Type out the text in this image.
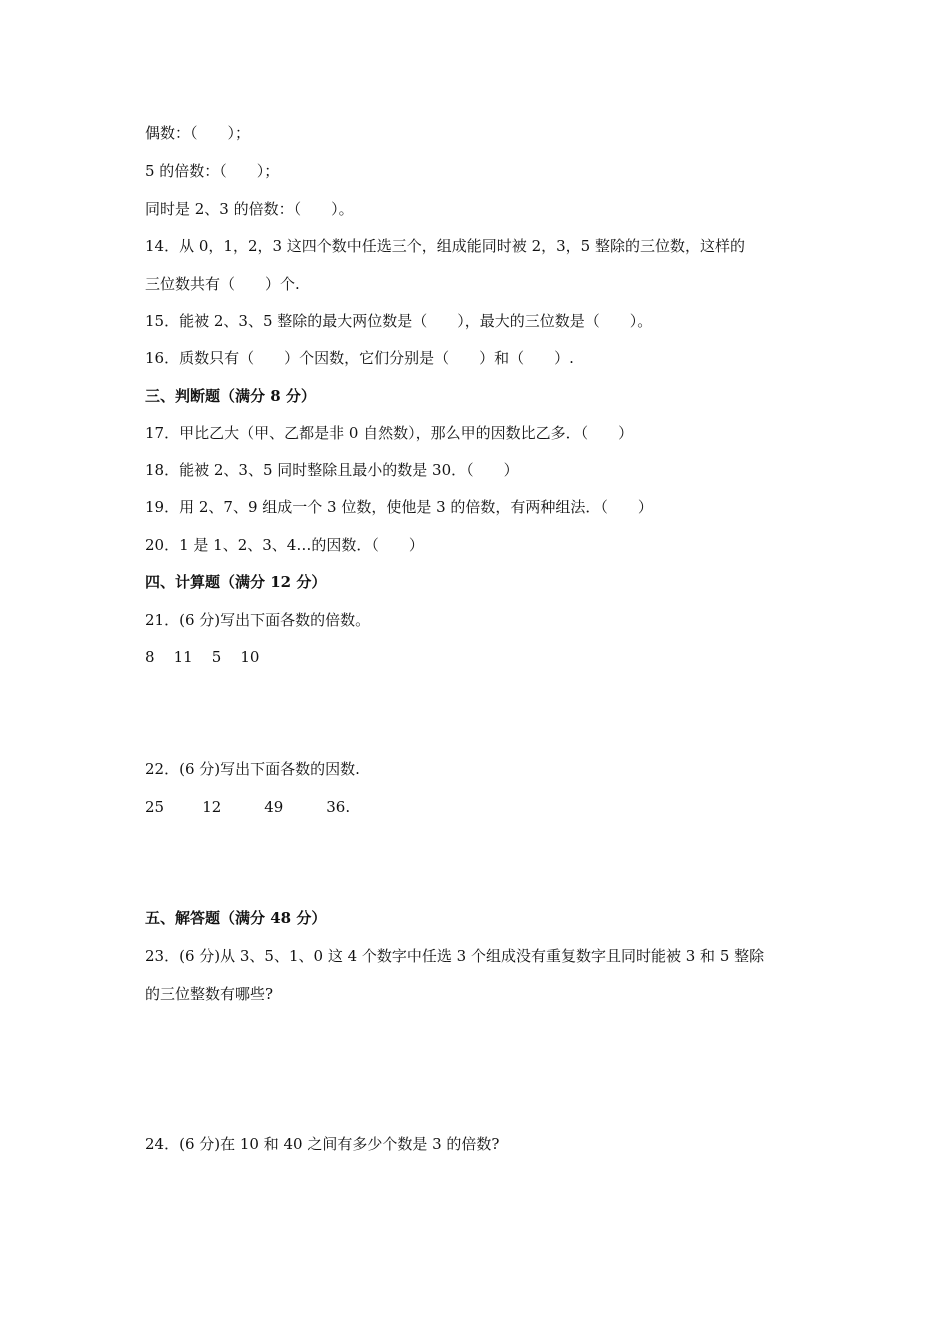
偶数：（　　）；
5 的倍数：（　　）；
同时是 2、3 的倍数：（　　）。
14．从 0，1，2，3 这四个数中任选三个，组成能同时被 2，3，5 整除的三位数，这样的
三位数共有（　　）个.
15．能被 2、3、5 整除的最大两位数是（　　），最大的三位数是（　　）。
16．质数只有（　　）个因数，它们分别是（　　）和（　　）.
三、判断题（满分 8 分）
17．甲比乙大（甲、乙都是非 0 自然数），那么甲的因数比乙多．（　　）
18．能被 2、3、5 同时整除且最小的数是 30．（　　）
19．用 2、7、9 组成一个 3 位数，使他是 3 的倍数，有两种组法．（　　）
20．1 是 1、2、3、4…的因数．（　　）
四、计算题（满分 12 分）
21．(6 分)写出下面各数的倍数。
8    11    5    10
22．(6 分)写出下面各数的因数.
25        12         49         36.
五、解答题（满分 48 分）
23．(6 分)从 3、5、1、0 这 4 个数字中任选 3 个组成没有重复数字且同时能被 3 和 5 整除
的三位整数有哪些?
24．(6 分)在 10 和 40 之间有多少个数是 3 的倍数?
